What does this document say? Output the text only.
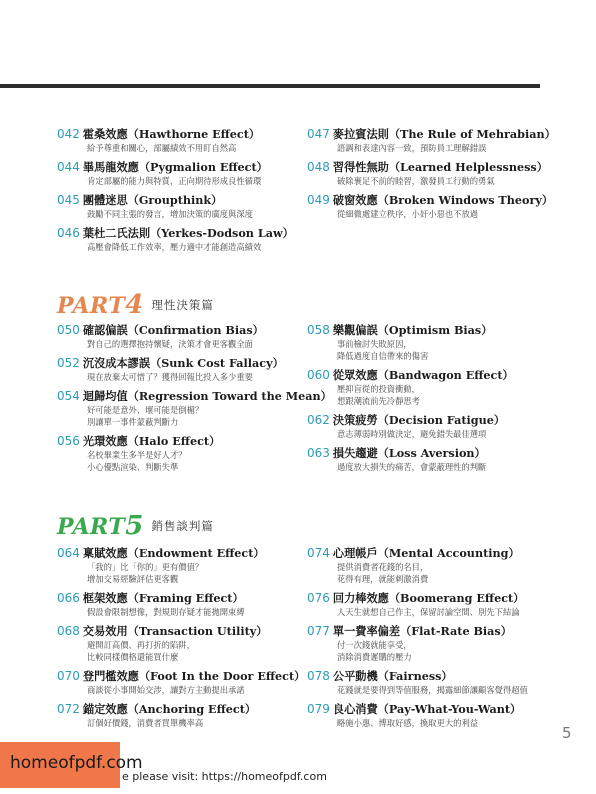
042 霍桑效應（Hawthorne Effect）
給予尊重和關心，部屬績效不用盯自然高
044 畢馬龍效應（Pygmalion Effect）
肯定部屬的能力與特質，正向期待形成良性循環
045 團體迷思（Groupthink）
鼓勵不同主張的發言，增加決策的廣度與深度
046 葉杜二氏法則（Yerkes-Dodson Law）
高壓會降低工作效率，壓力適中才能創造高績效
047 麥拉賓法則（The Rule of Mehrabian）
語調和表達內容一致，預防員工理解錯誤
048 習得性無助（Learned Helplessness）
破除裹足不前的睦習，激發員工行動的勇氣
049 破窗效應（Broken Windows Theory）
從細微處建立秩序，小奸小惡也不放過
PART4 $^{理性決策篇}$
050 確認偏誤（Confirmation Bias）
對自己的選擇抱持懷疑，決策才會更客觀全面
052 沉沒成本謬誤（Sunk Cost Fallacy）
現在放棄太可惜了？獲得回報比投入多少重要
054 迴歸均值（Regression Toward the Mean）
好可能是意外、壞可能是倒楣？
別讓單一事件蒙蔽判斷力
056 光環效應（Halo Effect）
名校畢業生多半是好人才？
小心優點渲染、判斷失準
058 樂觀偏誤（Optimism Bias）
事前檢討失敗原因，
降低過度自信帶來的傷害
060 從眾效應（Bandwagon Effect）
壓抑盲從的投資衝動，
想跟潮流前先冷靜思考
062 決策疲勞（Decision Fatigue）
意志薄弱時別做決定，避免錯失最佳選項
063 損失趨避（Loss Aversion）
過度放大損失的痛苦，會蒙蔽理性的判斷
PART5 $^{銷售談判篇}$
064 稟賦效應（Endowment Effect）
「我的」比「你的」更有價值？
增加交易經驗評估更客觀
066 框架效應（Framing Effect）
假設會限制想像，對規則存疑才能拋開束縛
068 交易效用（Transaction Utility）
避開訂高價、再打折的陷阱，
比較同樣價格還能買什麼
070 登門檻效應（Foot In the Door Effect）
商談從小事開始交涉，讓對方主動提出承諾
072 錨定效應（Anchoring Effect）
訂個好價錢，消費者買單機率高
074 心理帳戶（Mental Accounting）
提供消費者花錢的名目，
花得有理，就能刺激消費
076 回力棒效應（Boomerang Effect）
人天生就想自己作主，保留討論空間、別先下結論
077 單一費率偏差（Flat-Rate Bias）
付一次錢就能享受，
消除消費遲購的壓力
078 公平動機（Fairness）
花錢就是要得到等值服務，揭露細節讓顧客覺得超值
079 良心消費（Pay-What-You-Want）
略施小惠、博取好感，換取更大的利益
5
homeofpdf.com
e please visit: https://homeofpdf.com
